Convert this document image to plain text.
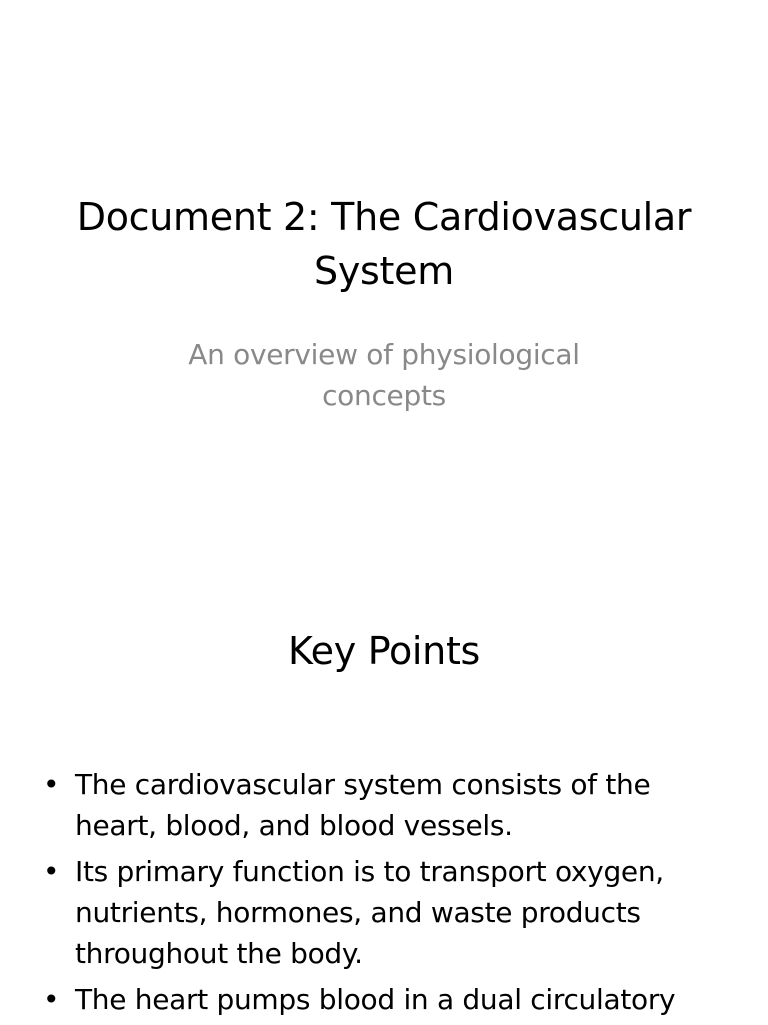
Document 2: The Cardiovascular System

An overview of physiological concepts

Key Points
• The cardiovascular system consists of the heart, blood, and blood vessels.
• Its primary function is to transport oxygen, nutrients, hormones, and waste products throughout the body.
• The heart pumps blood in a dual circulatory
